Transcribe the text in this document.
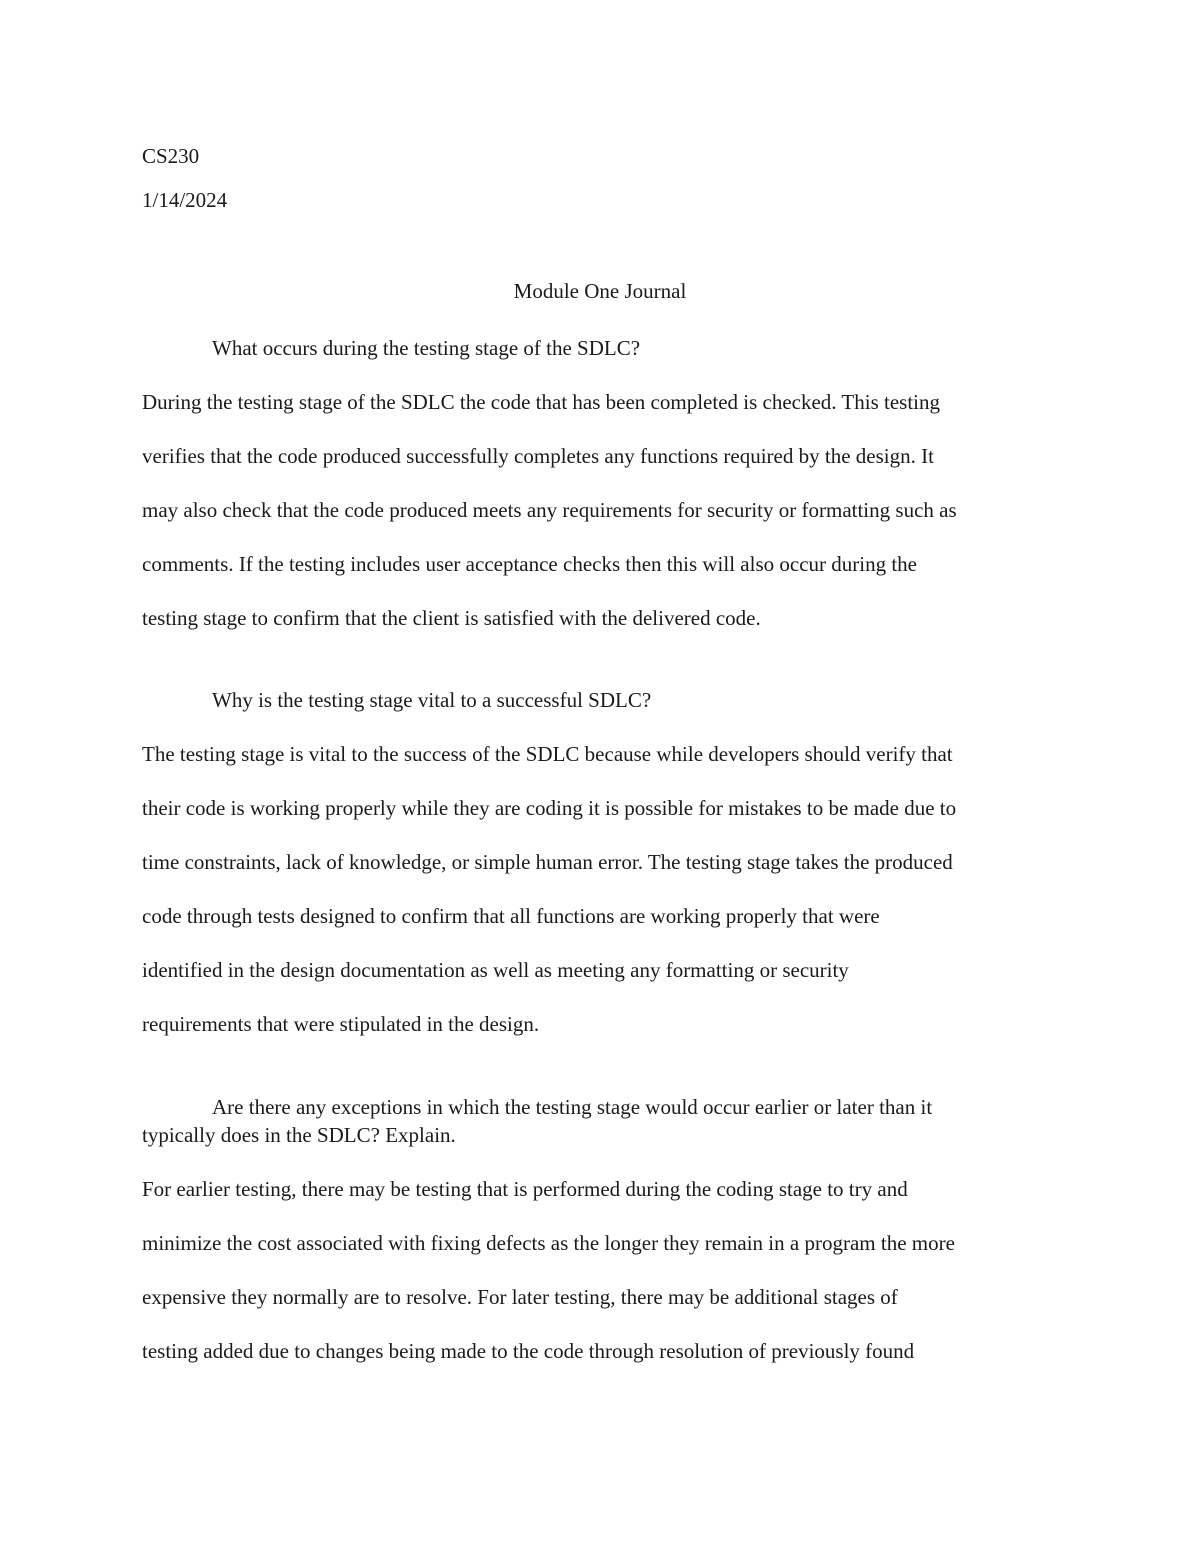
CS230
1/14/2024
Module One Journal
What occurs during the testing stage of the SDLC?
During the testing stage of the SDLC the code that has been completed is checked. This testing
verifies that the code produced successfully completes any functions required by the design. It
may also check that the code produced meets any requirements for security or formatting such as
comments. If the testing includes user acceptance checks then this will also occur during the
testing stage to confirm that the client is satisfied with the delivered code.
Why is the testing stage vital to a successful SDLC?
The testing stage is vital to the success of the SDLC because while developers should verify that
their code is working properly while they are coding it is possible for mistakes to be made due to
time constraints, lack of knowledge, or simple human error. The testing stage takes the produced
code through tests designed to confirm that all functions are working properly that were
identified in the design documentation as well as meeting any formatting or security
requirements that were stipulated in the design.
Are there any exceptions in which the testing stage would occur earlier or later than it
typically does in the SDLC? Explain.
For earlier testing, there may be testing that is performed during the coding stage to try and
minimize the cost associated with fixing defects as the longer they remain in a program the more
expensive they normally are to resolve. For later testing, there may be additional stages of
testing added due to changes being made to the code through resolution of previously found
